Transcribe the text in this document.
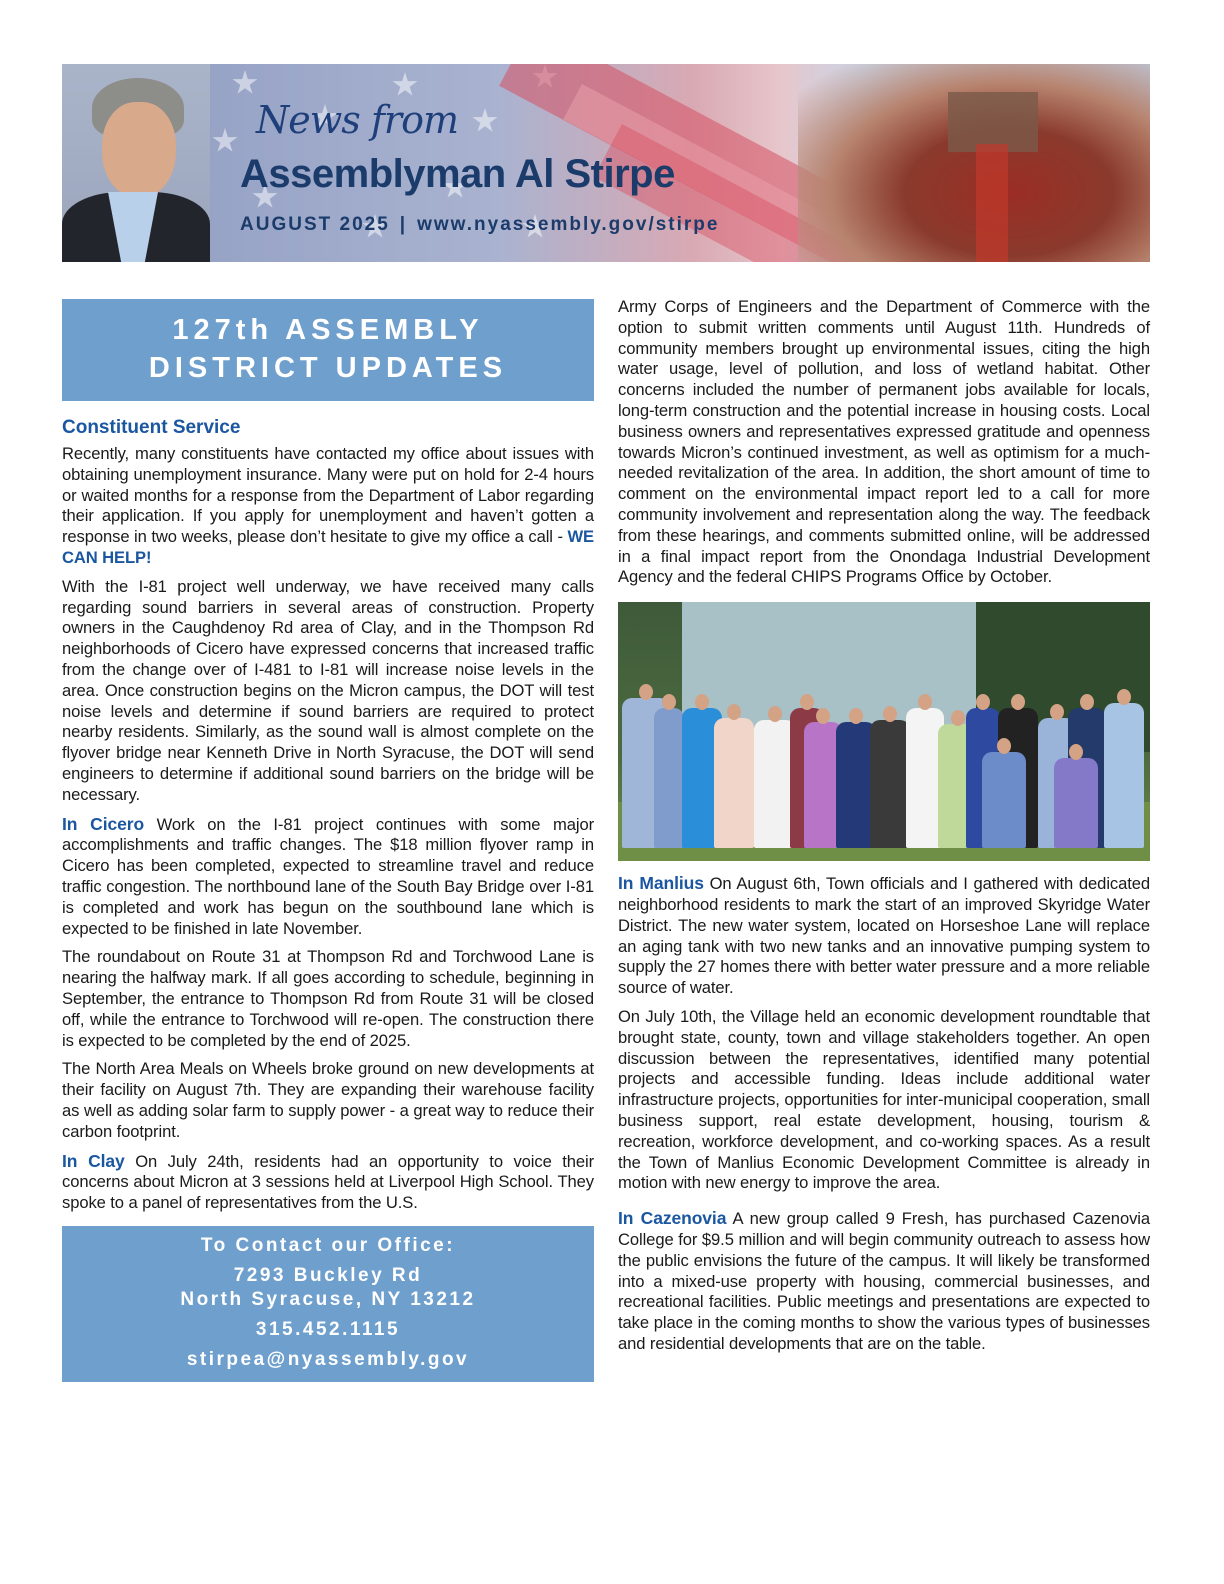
News from
Assemblyman Al Stirpe
AUGUST 2025 | www.nyassembly.gov/stirpe
127th ASSEMBLY
DISTRICT UPDATES
Constituent Service

Recently, many constituents have contacted my office about issues with obtaining unemployment insurance. Many were put on hold for 2-4 hours or waited months for a response from the Department of Labor regarding their application. If you apply for unemployment and haven’t gotten a response in two weeks, please don’t hesitate to give my office a call - WE CAN HELP!

With the I-81 project well underway, we have received many calls regarding sound barriers in several areas of construction. Property owners in the Caughdenoy Rd area of Clay, and in the Thompson Rd neighborhoods of Cicero have expressed concerns that increased traffic from the change over of I-481 to I-81 will increase noise levels in the area. Once construction begins on the Micron campus, the DOT will test noise levels and determine if sound barriers are required to protect nearby residents. Similarly, as the sound wall is almost complete on the flyover bridge near Kenneth Drive in North Syracuse, the DOT will send engineers to determine if additional sound barriers on the bridge will be necessary.

In Cicero Work on the I-81 project continues with some major accomplishments and traffic changes. The $18 million flyover ramp in Cicero has been completed, expected to streamline travel and reduce traffic congestion. The northbound lane of the South Bay Bridge over I-81 is completed and work has begun on the southbound lane which is expected to be finished in late November.

The roundabout on Route 31 at Thompson Rd and Torchwood Lane is nearing the halfway mark. If all goes according to schedule, beginning in September, the entrance to Thompson Rd from Route 31 will be closed off, while the entrance to Torchwood will re-open. The construction there is expected to be completed by the end of 2025.

The North Area Meals on Wheels broke ground on new developments at their facility on August 7th. They are expanding their warehouse facility as well as adding solar farm to supply power - a great way to reduce their carbon footprint.

In Clay On July 24th, residents had an opportunity to voice their concerns about Micron at 3 sessions held at Liverpool High School. They spoke to a panel of representatives from the U.S.

To Contact our Office:
7293 Buckley Rd
North Syracuse, NY 13212
315.452.1115
stirpea@nyassembly.gov

Army Corps of Engineers and the Department of Commerce with the option to submit written comments until August 11th. Hundreds of community members brought up environmental issues, citing the high water usage, level of pollution, and loss of wetland habitat. Other concerns included the number of permanent jobs available for locals, long-term construction and the potential increase in housing costs. Local business owners and representatives expressed gratitude and openness towards Micron’s continued investment, as well as optimism for a much-needed revitalization of the area. In addition, the short amount of time to comment on the environmental impact report led to a call for more community involvement and representation along the way. The feedback from these hearings, and comments submitted online, will be addressed in a final impact report from the Onondaga Industrial Development Agency and the federal CHIPS Programs Office by October.

In Manlius On August 6th, Town officials and I gathered with dedicated neighborhood residents to mark the start of an improved Skyridge Water District. The new water system, located on Horseshoe Lane will replace an aging tank with two new tanks and an innovative pumping system to supply the 27 homes there with better water pressure and a more reliable source of water.

On July 10th, the Village held an economic development roundtable that brought state, county, town and village stakeholders together. An open discussion between the representatives, identified many potential projects and accessible funding. Ideas include additional water infrastructure projects, opportunities for inter-municipal cooperation, small business support, real estate development, housing, tourism & recreation, workforce development, and co-working spaces. As a result the Town of Manlius Economic Development Committee is already in motion with new energy to improve the area.

In Cazenovia A new group called 9 Fresh, has purchased Cazenovia College for $9.5 million and will begin community outreach to assess how the public envisions the future of the campus. It will likely be transformed into a mixed-use property with housing, commercial businesses, and recreational facilities. Public meetings and presentations are expected to take place in the coming months to show the various types of businesses and residential developments that are on the table.
